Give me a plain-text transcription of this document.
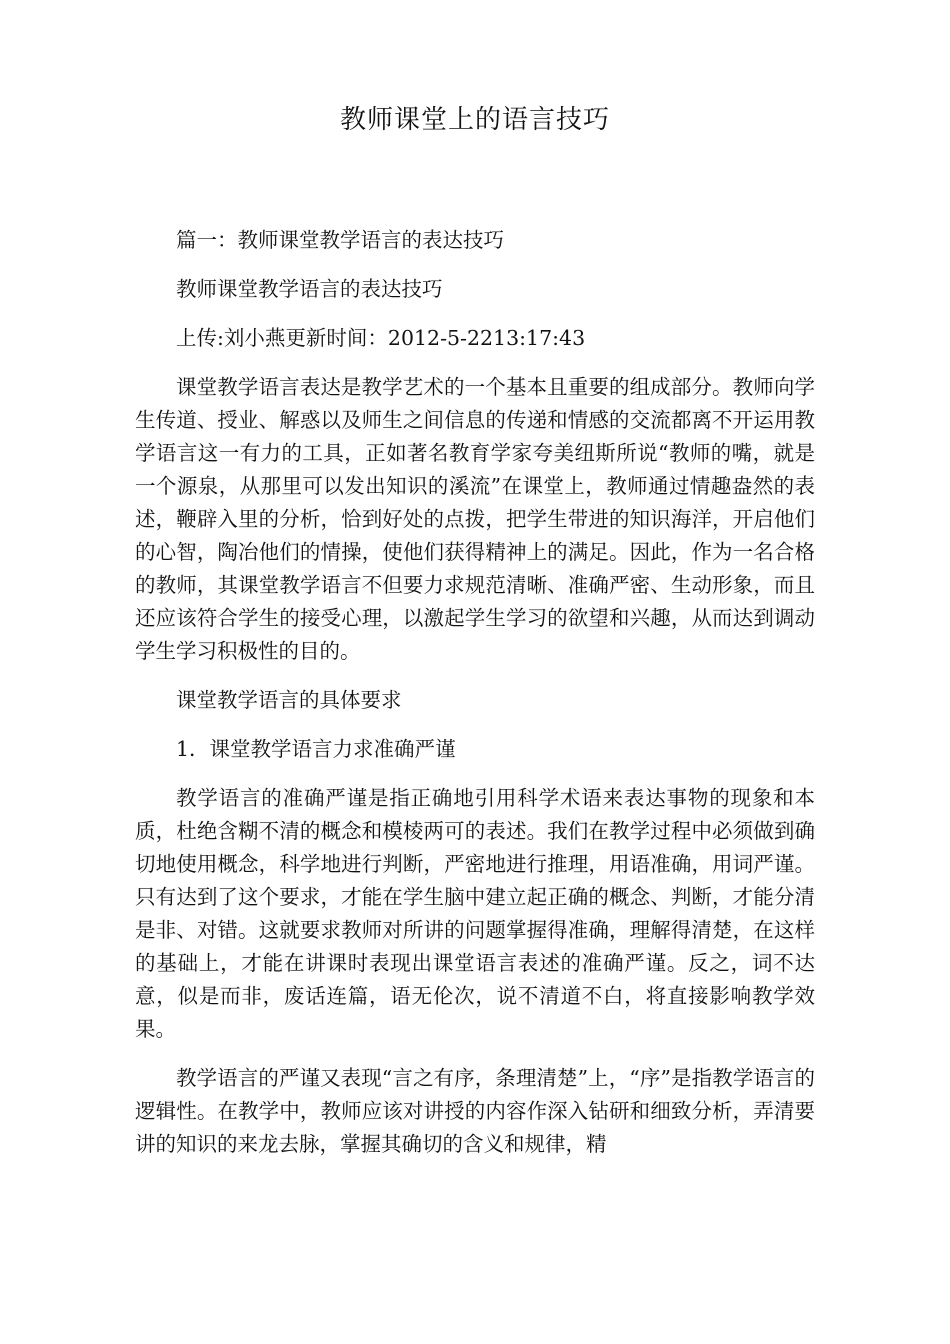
教师课堂上的语言技巧

篇一：教师课堂教学语言的表达技巧

教师课堂教学语言的表达技巧

上传:刘小燕更新时间：2012-5-2213:17:43

课堂教学语言表达是教学艺术的一个基本且重要的组成部分。教师向学生传道、授业、解惑以及师生之间信息的传递和情感的交流都离不开运用教学语言这一有力的工具，正如著名教育学家夸美纽斯所说“教师的嘴，就是一个源泉，从那里可以发出知识的溪流”在课堂上，教师通过情趣盎然的表述，鞭辟入里的分析，恰到好处的点拨，把学生带进的知识海洋，开启他们的心智，陶冶他们的情操，使他们获得精神上的满足。因此，作为一名合格的教师，其课堂教学语言不但要力求规范清晰、准确严密、生动形象，而且还应该符合学生的接受心理，以激起学生学习的欲望和兴趣，从而达到调动学生学习积极性的目的。

课堂教学语言的具体要求

1．课堂教学语言力求准确严谨

教学语言的准确严谨是指正确地引用科学术语来表达事物的现象和本质，杜绝含糊不清的概念和模棱两可的表述。我们在教学过程中必须做到确切地使用概念，科学地进行判断，严密地进行推理，用语准确，用词严谨。只有达到了这个要求，才能在学生脑中建立起正确的概念、判断，才能分清是非、对错。这就要求教师对所讲的问题掌握得准确，理解得清楚，在这样的基础上，才能在讲课时表现出课堂语言表述的准确严谨。反之，词不达意，似是而非，废话连篇，语无伦次，说不清道不白，将直接影响教学效果。

教学语言的严谨又表现“言之有序，条理清楚”上，“序”是指教学语言的逻辑性。在教学中，教师应该对讲授的内容作深入钻研和细致分析，弄清要讲的知识的来龙去脉，掌握其确切的含义和规律，精
